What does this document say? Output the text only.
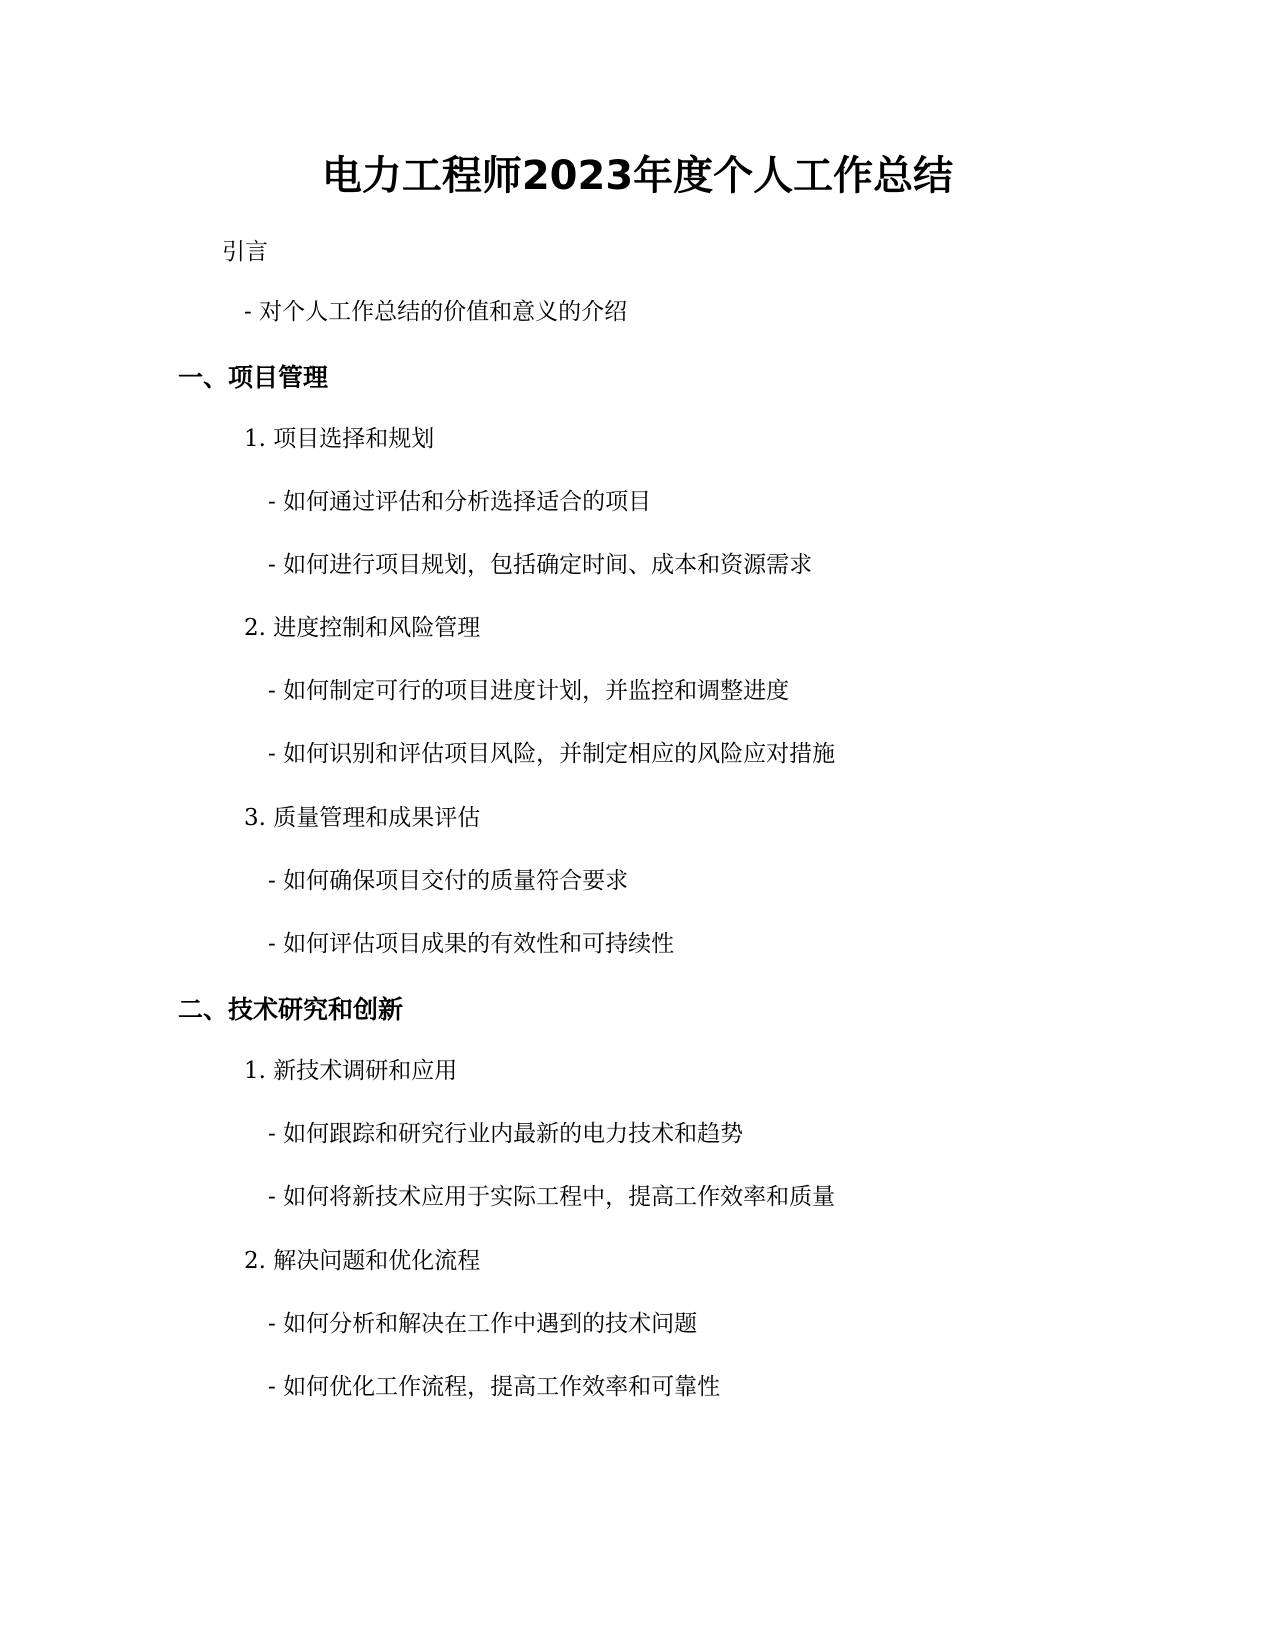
电力工程师2023年度个人工作总结

引言

- 对个人工作总结的价值和意义的介绍

一、项目管理

1. 项目选择和规划

- 如何通过评估和分析选择适合的项目

- 如何进行项目规划，包括确定时间、成本和资源需求

2. 进度控制和风险管理

- 如何制定可行的项目进度计划，并监控和调整进度

- 如何识别和评估项目风险，并制定相应的风险应对措施

3. 质量管理和成果评估

- 如何确保项目交付的质量符合要求

- 如何评估项目成果的有效性和可持续性

二、技术研究和创新

1. 新技术调研和应用

- 如何跟踪和研究行业内最新的电力技术和趋势

- 如何将新技术应用于实际工程中，提高工作效率和质量

2. 解决问题和优化流程

- 如何分析和解决在工作中遇到的技术问题

- 如何优化工作流程，提高工作效率和可靠性
